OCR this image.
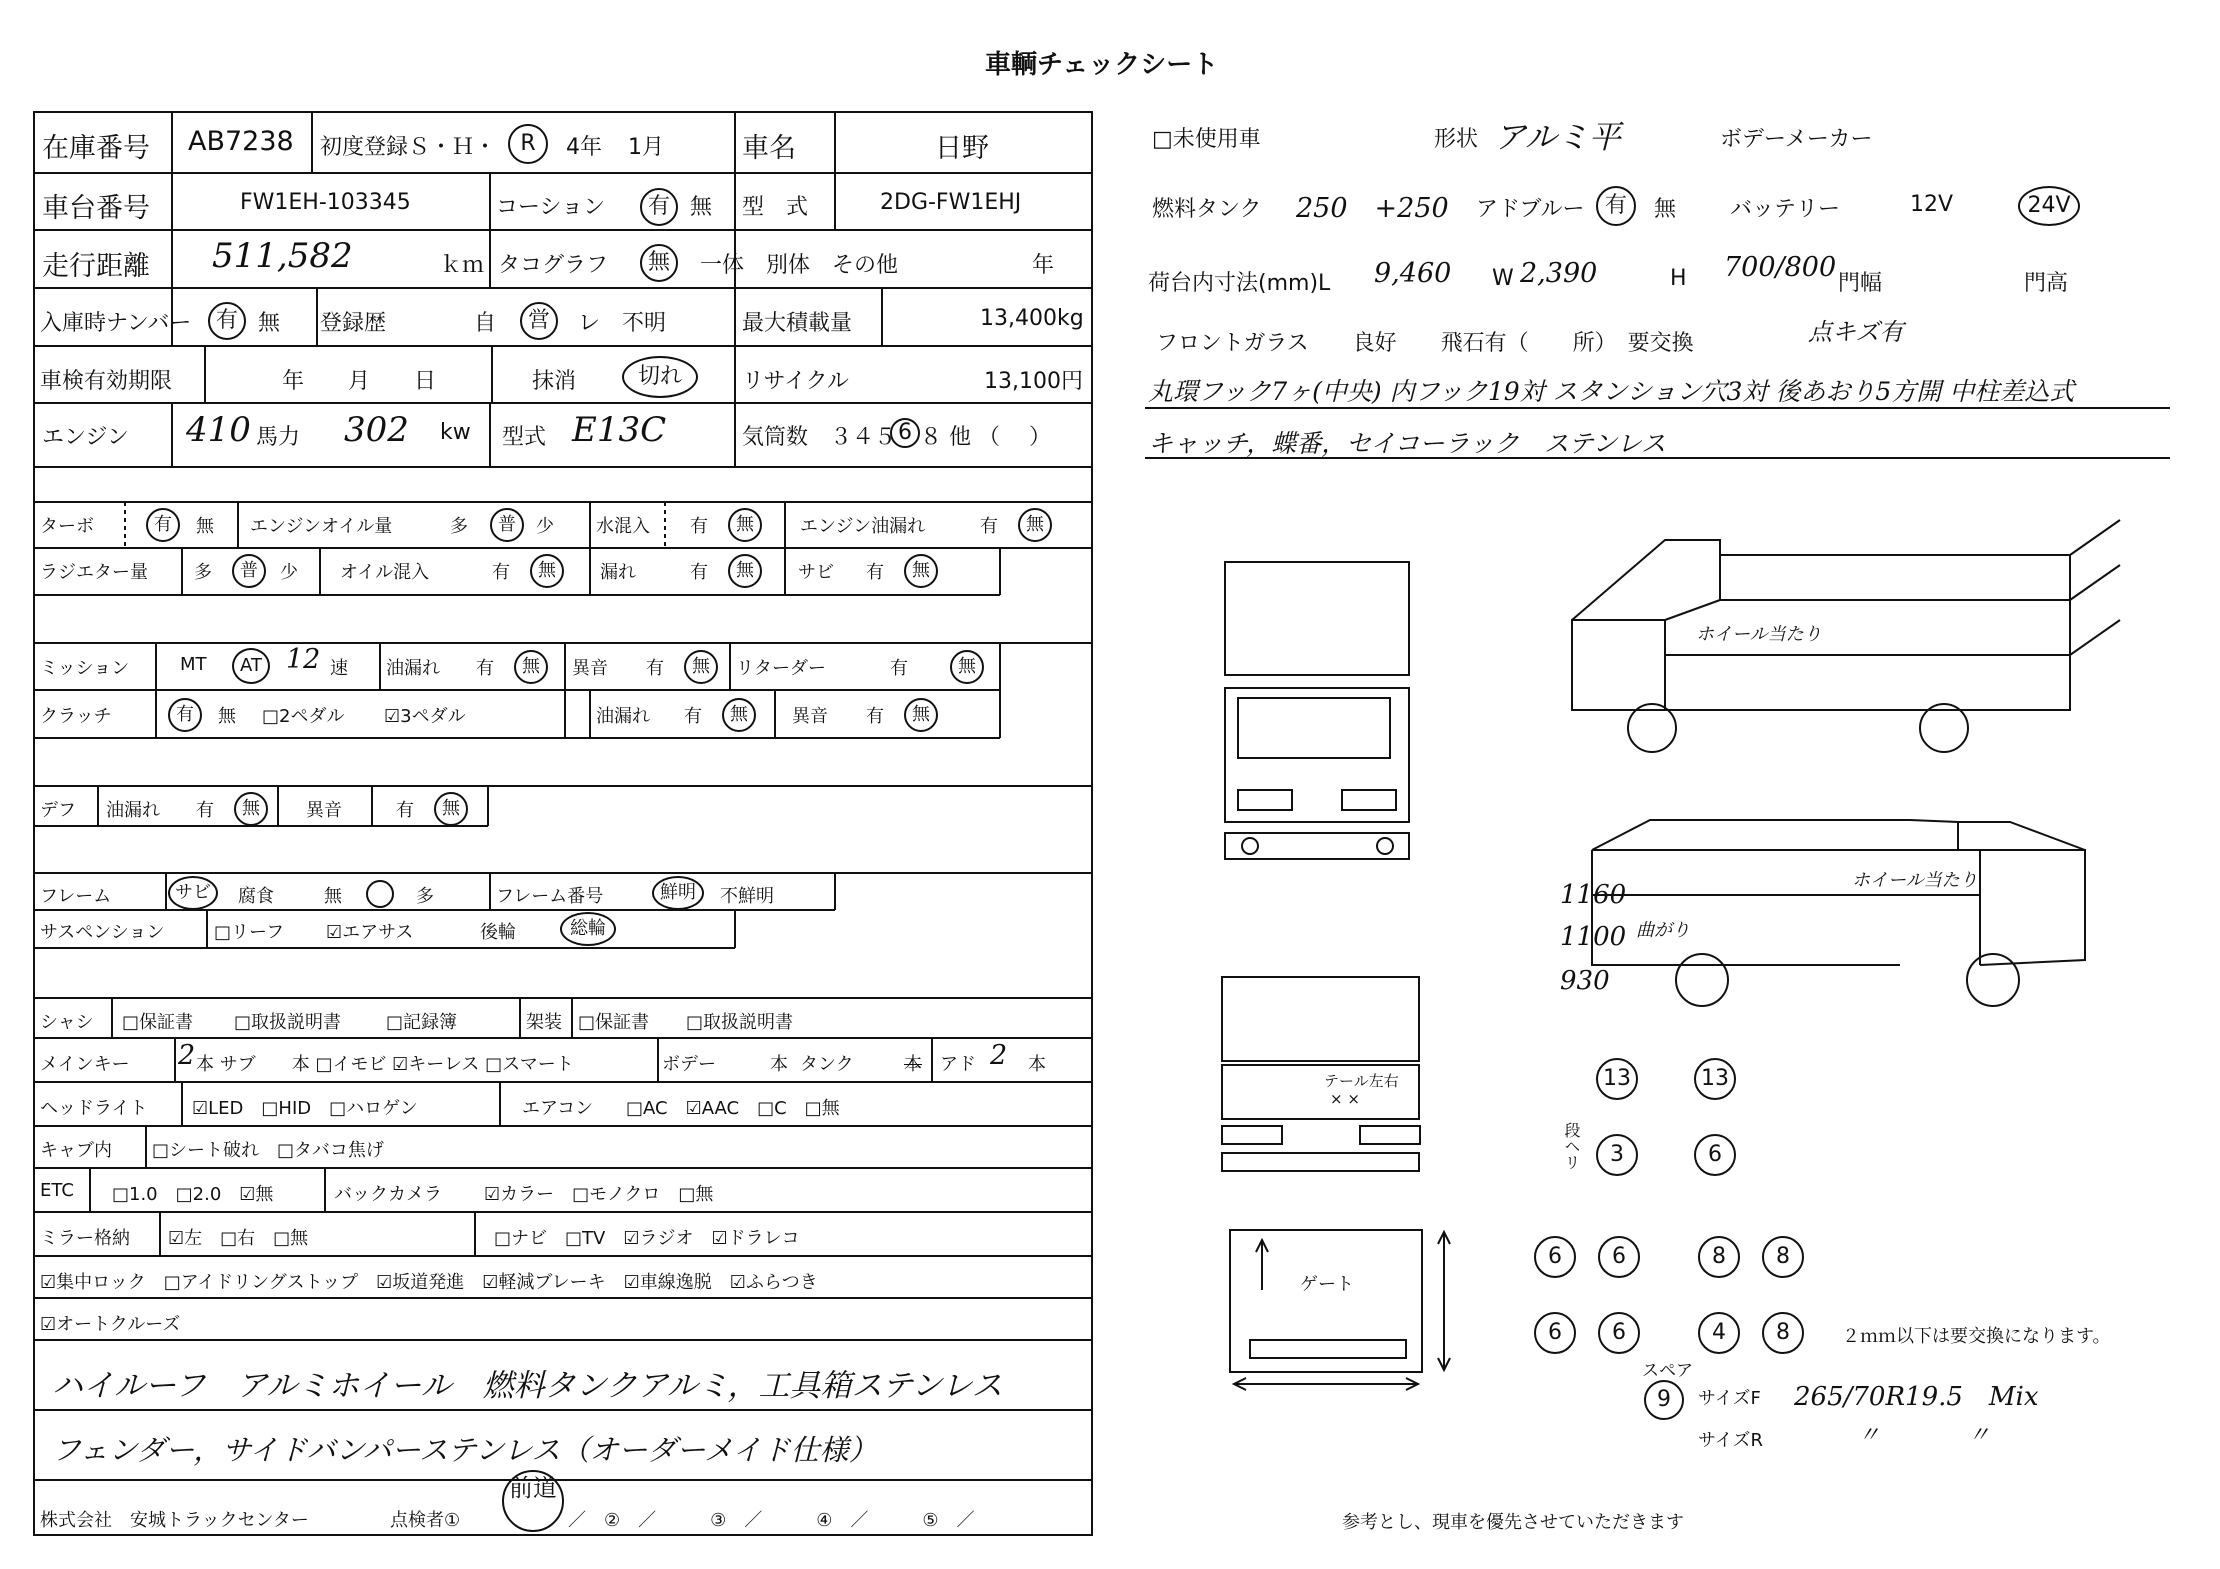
車輌チェックシート
在庫番号 AB7238 初度登録Ｓ・Ｈ・	R	4年 1月	車名	日野
車台番号	FW1EH-103345	コーション	有 無 型　式	2DG-FW1EHJ
走行距離 511,582	ｋｍ タコグラフ	無	一体　別体　その他	年
入庫時ナンバー	有 無 登録歴	自	営	レ　不明	最大積載量	13,400kg
車検有効期限	年　　月　　日	抹消	切れ	リサイクル	13,100円
エンジン 410 馬力 302 kw 型式 E13C	気筒数　３４５ 6 ８ 他 （　 ）
ターボ	有	無 エンジンオイル量	多	普	少 水混入 有	無	エンジン油漏れ	有	無
ラジエター量	多	普	少 オイル混入	有	無	漏れ	有	無	サビ 有	無
ミッション	MT	AT 12 速 油漏れ 有	無	異音 有	無	リターダー	有	無
クラッチ	有	無 □2ペダル ☑3ペダル	油漏れ 有	無	異音 有	無
デフ 油漏れ 有	無	異音	有	無
フレーム	サビ	腐食	無	多	フレーム番号	鮮明	不鮮明
サスペンション	□リーフ ☑エアサス	後輪	総輪
シャシ □保証書 □取扱説明書 □記録簿	架装 □保証書 □取扱説明書
メインキー 2 本 サブ　　本 □イモビ ☑キーレス □スマート	ボデー	本 タンク	本 アド 2 本
ヘッドライト ☑LED　□HID　□ハロゲン	エアコン □AC　☑AAC　□C　□無
キャブ内 □シート破れ　□タバコ焦げ
ETC □1.0　□2.0　☑無	バックカメラ ☑カラー　□モノクロ　□無
ミラー格納 ☑左　□右　□無	□ナビ　□TV　☑ラジオ　☑ドラレコ
☑集中ロック　□アイドリングストップ　☑坂道発進　☑軽減ブレーキ　☑車線逸脱　☑ふらつき
☑オートクルーズ
ハイルーフ　アルミホイール　燃料タンクアルミ，工具箱ステンレス
フェンダー，サイドバンパーステンレス（オーダーメイド仕様）
株式会社　安城トラックセンター	点検者①
前道
／　②　／　　　③　／　　　④　／　　　⑤　／
□未使用車	形状 アルミ平	ボデーメーカー
燃料タンク 250　+250 アドブルー 有	無 バッテリー	12V	24V
荷台内寸法(mm)L 9,460 W 2,390	H 700/800
門幅	門高
フロントガラス　　良好　　飛石有（　　所）　要交換	点キズ有
丸環フック7ヶ(中央) 内フック19対 スタンション穴3対 後あおり5方開 中柱差込式
キャッチ，蝶番，セイコーラック　ステンレス
ホイール当たり
ホイール当たり
1160
1100
930
曲がり
テール左右
× ×
ゲート
13	13
段ヘリ	3	6
6	6	8	8
6	6	4	8	２ｍｍ以下は要交換になります。
スペア
9	サイズF 265/70R19.5　Mix
サイズR	〃　　　　〃
参考とし、現車を優先させていただきます
